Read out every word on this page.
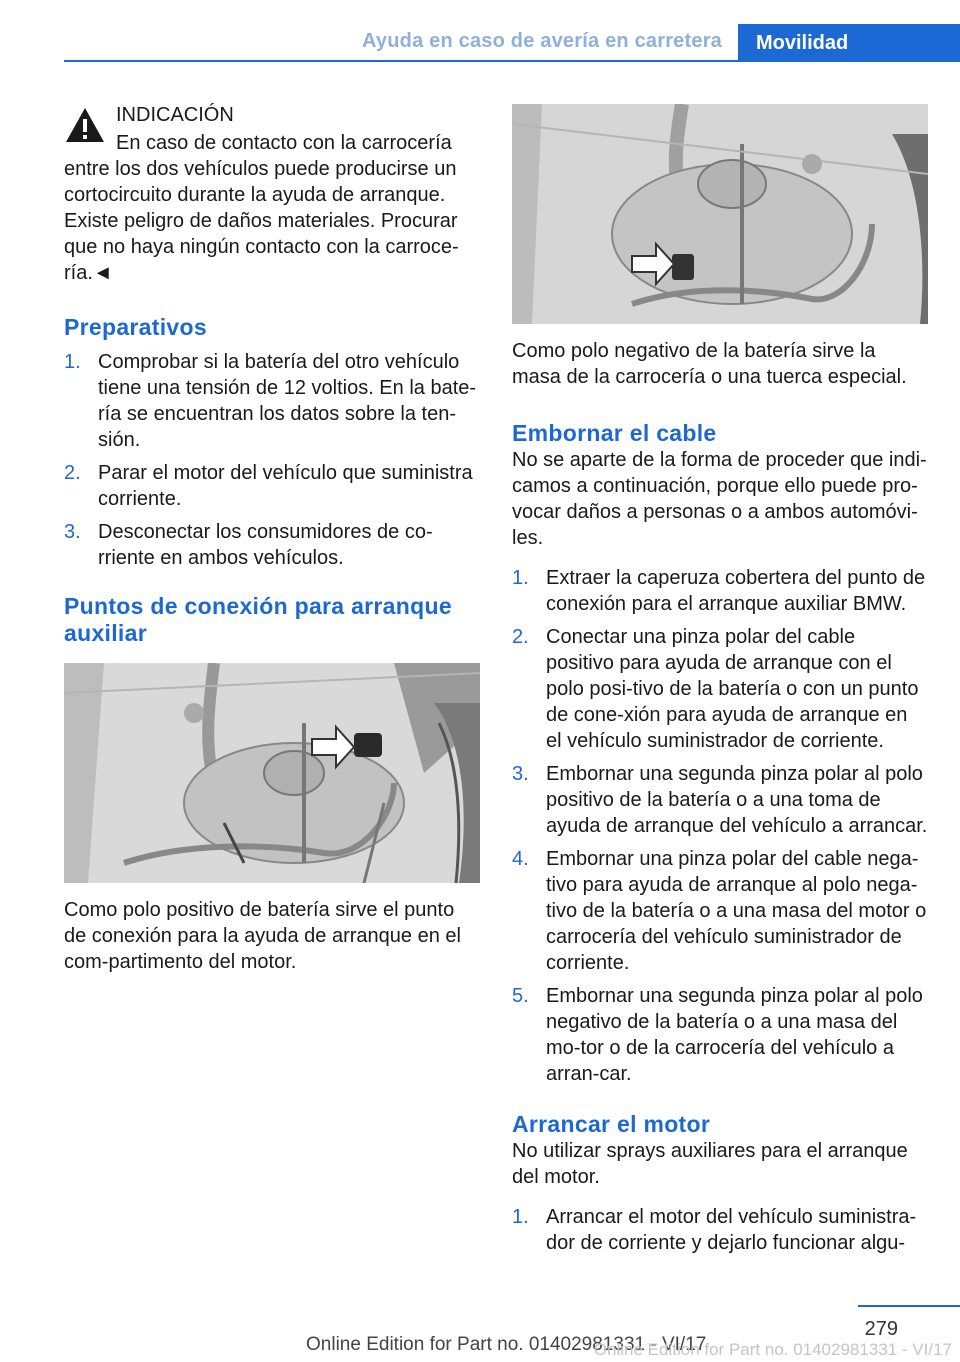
Ayuda en caso de avería en carretera Movilidad

INDICACIÓN

En caso de contacto con la carrocería

entre los dos vehículos puede producirse un cortocircuito durante la ayuda de arranque. Existe peligro de daños materiales. Procurar que no haya ningún contacto con la carroce-ría.◄

Preparativos
1. Comprobar si la batería del otro vehículo tiene una tensión de 12 voltios. En la bate-ría se encuentran los datos sobre la ten-sión.
2. Parar el motor del vehículo que suministra corriente.
3. Desconectar los consumidores de co-rriente en ambos vehículos.
Puntos de conexión para arranque auxiliar

Como polo positivo de batería sirve el punto de conexión para la ayuda de arranque en el com-partimento del motor.

Como polo negativo de la batería sirve la masa de la carrocería o una tuerca especial.

Embornar el cable

No se aparte de la forma de proceder que indi-camos a continuación, porque ello puede pro-vocar daños a personas o a ambos automóvi-les.

1. Extraer la caperuza cobertera del punto de conexión para el arranque auxiliar BMW.
2. Conectar una pinza polar del cable positivo para ayuda de arranque con el polo posi-tivo de la batería o con un punto de cone-xión para ayuda de arranque en el vehículo suministrador de corriente.
3. Embornar una segunda pinza polar al polo positivo de la batería o a una toma de ayuda de arranque del vehículo a arrancar.
4. Embornar una pinza polar del cable nega-tivo para ayuda de arranque al polo nega-tivo de la batería o a una masa del motor o carrocería del vehículo suministrador de corriente.
5. Embornar una segunda pinza polar al polo negativo de la batería o a una masa del mo-tor o de la carrocería del vehículo a arran-car.
Arrancar el motor

No utilizar sprays auxiliares para el arranque del motor.

1. Arrancar el motor del vehículo suministra-dor de corriente y dejarlo funcionar algu-
279
Online Edition for Part no. 01402981331 - VI/17
Online Edition for Part no. 01402981331 - VI/17
